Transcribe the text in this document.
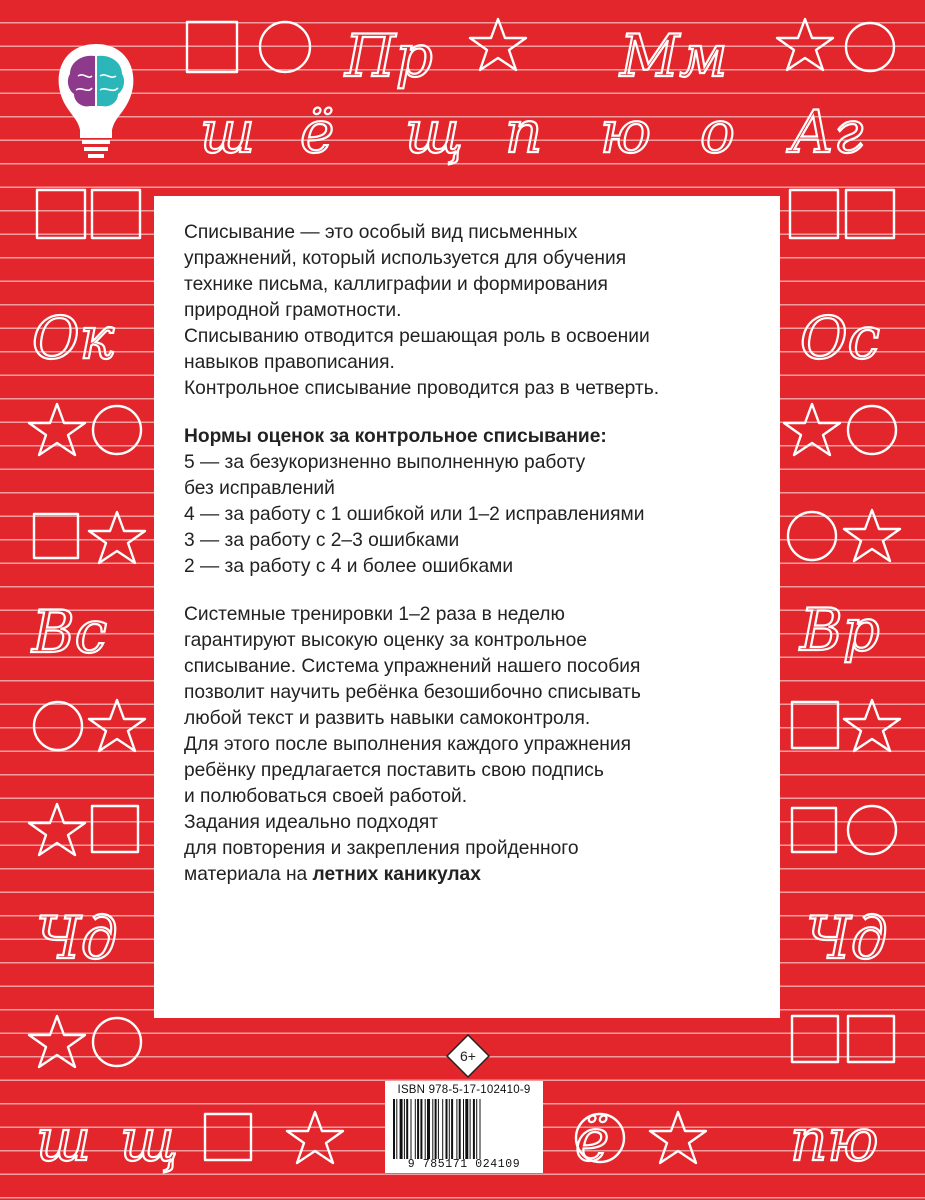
Пр	Мм
ш ё щ п ю о Аг
Ок
Вс
Чд
Ос
Вр
Чд
ш щ	ё	пю

Списывание — это особый вид письменных

упражнений, который используется для обучения

технике письма, каллиграфии и формирования

природной грамотности.

Списыванию отводится решающая роль в освоении

навыков правописания.

Контрольное списывание проводится раз в четверть.

Нормы оценок за контрольное списывание:

5 — за безукоризненно выполненную работу

без исправлений

4 — за работу с 1 ошибкой или 1–2 исправлениями

3 — за работу с 2–3 ошибками

2 — за работу с 4 и более ошибками

Системные тренировки 1–2 раза в неделю

гарантируют высокую оценку за контрольное

списывание. Система упражнений нашего пособия

позволит научить ребёнка безошибочно списывать

любой текст и развить навыки самоконтроля.

Для этого после выполнения каждого упражнения

ребёнку предлагается поставить свою подпись

и полюбоваться своей работой.

Задания идеально подходят

для повторения и закрепления пройденного

материала на летних каникулах

6+
ISBN 978-5-17-102410-9
9 785171 024109
